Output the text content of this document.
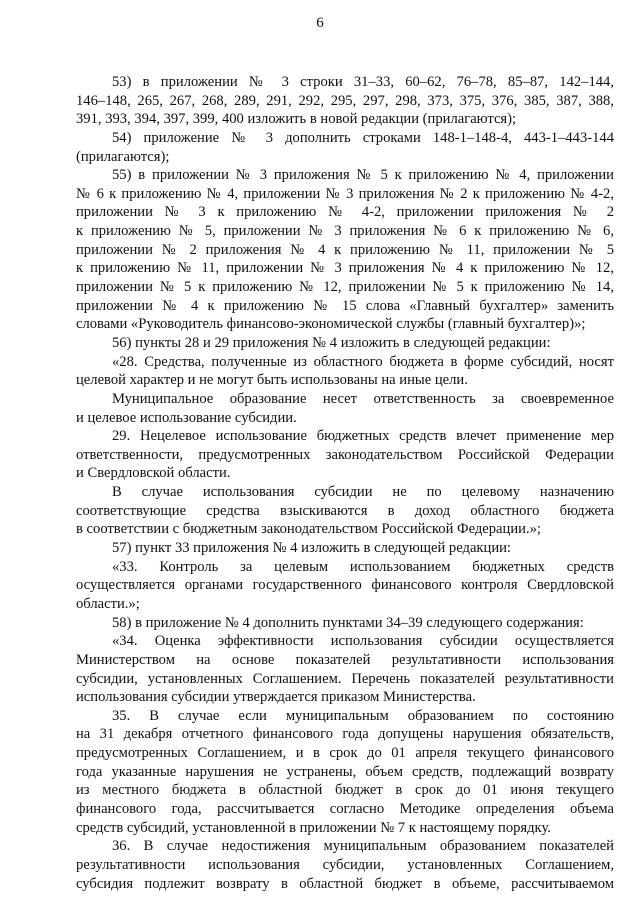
6
53) в приложении № 3 строки 31–33, 60–62, 76–78, 85–87, 142–144,
146–148, 265, 267, 268, 289, 291, 292, 295, 297, 298, 373, 375, 376, 385, 387, 388,
391, 393, 394, 397, 399, 400 изложить в новой редакции (прилагаются);
54) приложение № 3 дополнить строками 148-1–148-4, 443-1–443-144
(прилагаются);
55) в приложении № 3 приложения № 5 к приложению № 4, приложении
№ 6 к приложению № 4, приложении № 3 приложения № 2 к приложению № 4-2,
приложении № 3 к приложению № 4-2, приложении приложения № 2
к приложению № 5, приложении № 3 приложения № 6 к приложению № 6,
приложении № 2 приложения № 4 к приложению № 11, приложении № 5
к приложению № 11, приложении № 3 приложения № 4 к приложению № 12,
приложении № 5 к приложению № 12, приложении № 5 к приложению № 14,
приложении № 4 к приложению № 15 слова «Главный бухгалтер» заменить
словами «Руководитель финансово-экономической службы (главный бухгалтер)»;
56) пункты 28 и 29 приложения № 4 изложить в следующей редакции:
«28. Средства, полученные из областного бюджета в форме субсидий, носят
целевой характер и не могут быть использованы на иные цели.
Муниципальное образование несет ответственность за своевременное
и целевое использование субсидии.
29. Нецелевое использование бюджетных средств влечет применение мер
ответственности, предусмотренных законодательством Российской Федерации
и Свердловской области.
В случае использования субсидии не по целевому назначению
соответствующие средства взыскиваются в доход областного бюджета
в соответствии с бюджетным законодательством Российской Федерации.»;
57) пункт 33 приложения № 4 изложить в следующей редакции:
«33. Контроль за целевым использованием бюджетных средств
осуществляется органами государственного финансового контроля Свердловской
области.»;
58) в приложение № 4 дополнить пунктами 34–39 следующего содержания:
«34. Оценка эффективности использования субсидии осуществляется
Министерством на основе показателей результативности использования
субсидии, установленных Соглашением. Перечень показателей результативности
использования субсидии утверждается приказом Министерства.
35. В случае если муниципальным образованием по состоянию
на 31 декабря отчетного финансового года допущены нарушения обязательств,
предусмотренных Соглашением, и в срок до 01 апреля текущего финансового
года указанные нарушения не устранены, объем средств, подлежащий возврату
из местного бюджета в областной бюджет в срок до 01 июня текущего
финансового года, рассчитывается согласно Методике определения объема
средств субсидий, установленной в приложении № 7 к настоящему порядку.
36. В случае недостижения муниципальным образованием показателей
результативности использования субсидии, установленных Соглашением,
субсидия подлежит возврату в областной бюджет в объеме, рассчитываемом
